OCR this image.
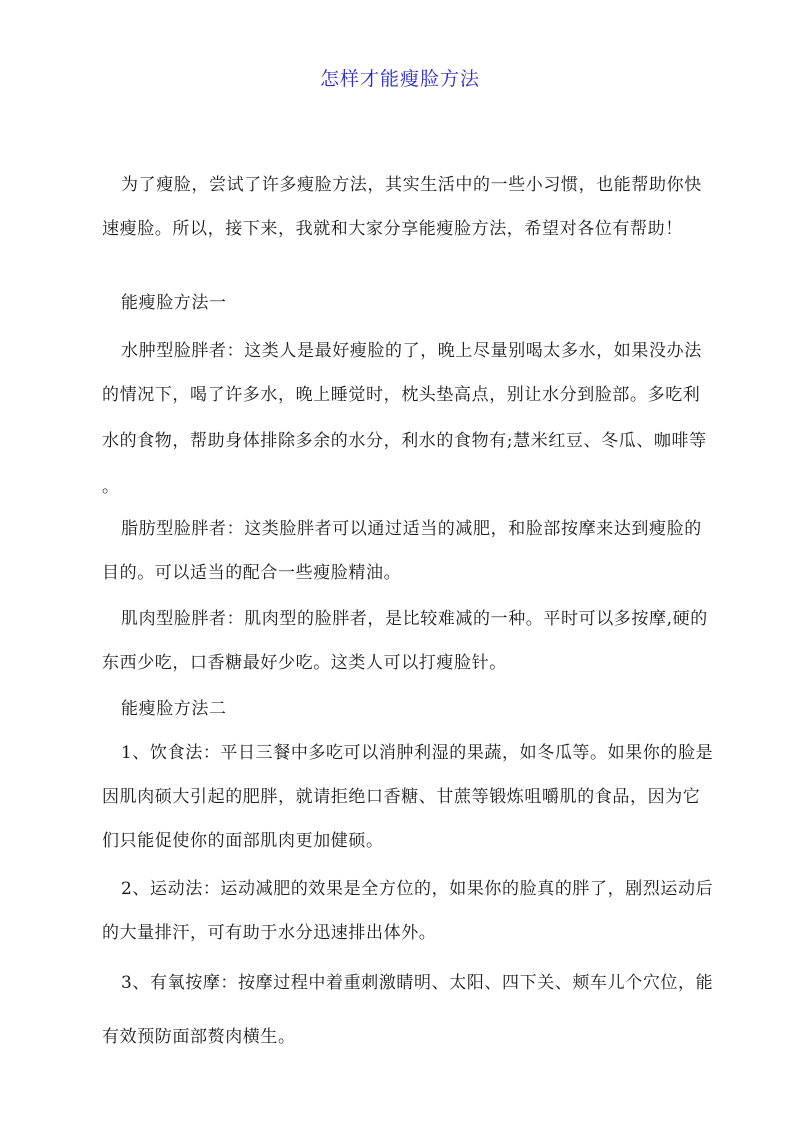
怎样才能瘦脸方法
为了瘦脸，尝试了许多瘦脸方法，其实生活中的一些小习惯，也能帮助你快
速瘦脸。所以，接下来，我就和大家分享能瘦脸方法，希望对各位有帮助！
能瘦脸方法一
水肿型脸胖者：这类人是最好瘦脸的了，晚上尽量别喝太多水，如果没办法
的情况下，喝了许多水，晚上睡觉时，枕头垫高点，别让水分到脸部。多吃利
水的食物，帮助身体排除多余的水分，利水的食物有;慧米红豆、冬瓜、咖啡等
。
脂肪型脸胖者：这类脸胖者可以通过适当的减肥，和脸部按摩来达到瘦脸的
目的。可以适当的配合一些瘦脸精油。
肌肉型脸胖者：肌肉型的脸胖者，是比较难减的一种。平时可以多按摩,硬的
东西少吃，口香糖最好少吃。这类人可以打瘦脸针。
能瘦脸方法二
1、饮食法：平日三餐中多吃可以消肿利湿的果蔬，如冬瓜等。如果你的脸是
因肌肉硕大引起的肥胖，就请拒绝口香糖、甘蔗等锻炼咀嚼肌的食品，因为它
们只能促使你的面部肌肉更加健硕。
2、运动法：运动减肥的效果是全方位的，如果你的脸真的胖了，剧烈运动后
的大量排汗，可有助于水分迅速排出体外。
3、有氧按摩：按摩过程中着重刺激睛明、太阳、四下关、颊车儿个穴位，能
有效预防面部赘肉横生。
